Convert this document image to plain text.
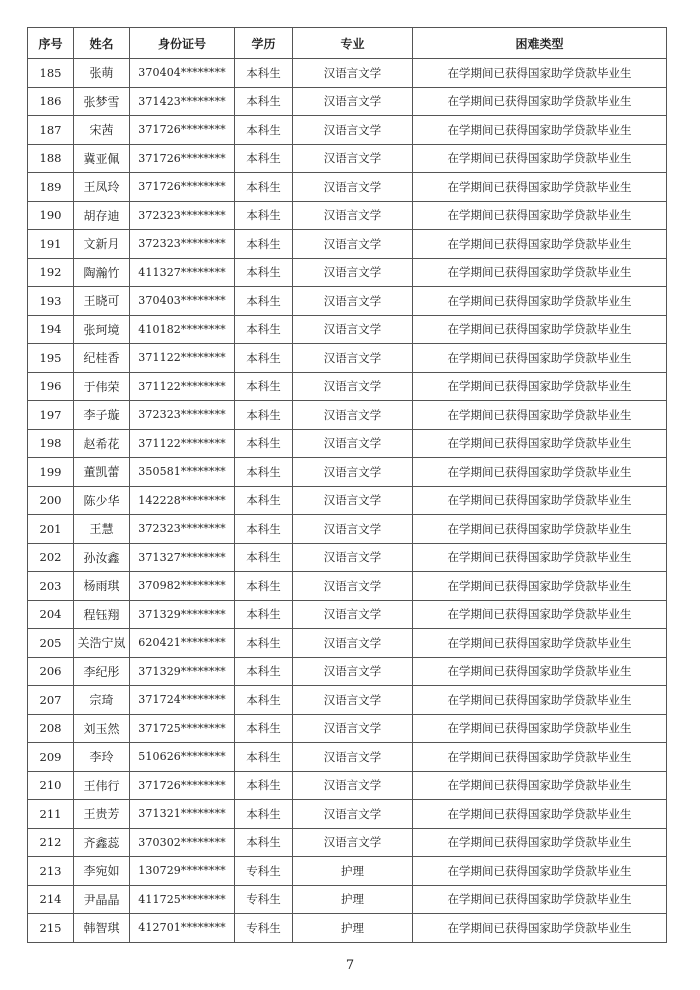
序号	姓名	身份证号	学历	专业	困难类型
185	张萌	370404********	本科生	汉语言文学	在学期间已获得国家助学贷款毕业生
186	张梦雪	371423********	本科生	汉语言文学	在学期间已获得国家助学贷款毕业生
187	宋茜	371726********	本科生	汉语言文学	在学期间已获得国家助学贷款毕业生
188	冀亚佩	371726********	本科生	汉语言文学	在学期间已获得国家助学贷款毕业生
189	王凤玲	371726********	本科生	汉语言文学	在学期间已获得国家助学贷款毕业生
190	胡存迪	372323********	本科生	汉语言文学	在学期间已获得国家助学贷款毕业生
191	文新月	372323********	本科生	汉语言文学	在学期间已获得国家助学贷款毕业生
192	陶瀚竹	411327********	本科生	汉语言文学	在学期间已获得国家助学贷款毕业生
193	王晓可	370403********	本科生	汉语言文学	在学期间已获得国家助学贷款毕业生
194	张珂境	410182********	本科生	汉语言文学	在学期间已获得国家助学贷款毕业生
195	纪桂香	371122********	本科生	汉语言文学	在学期间已获得国家助学贷款毕业生
196	于伟荣	371122********	本科生	汉语言文学	在学期间已获得国家助学贷款毕业生
197	李子璇	372323********	本科生	汉语言文学	在学期间已获得国家助学贷款毕业生
198	赵希花	371122********	本科生	汉语言文学	在学期间已获得国家助学贷款毕业生
199	董凯蕾	350581********	本科生	汉语言文学	在学期间已获得国家助学贷款毕业生
200	陈少华	142228********	本科生	汉语言文学	在学期间已获得国家助学贷款毕业生
201	王慧	372323********	本科生	汉语言文学	在学期间已获得国家助学贷款毕业生
202	孙汝鑫	371327********	本科生	汉语言文学	在学期间已获得国家助学贷款毕业生
203	杨雨琪	370982********	本科生	汉语言文学	在学期间已获得国家助学贷款毕业生
204	程钰翔	371329********	本科生	汉语言文学	在学期间已获得国家助学贷款毕业生
205	关浩宁岚	620421********	本科生	汉语言文学	在学期间已获得国家助学贷款毕业生
206	李纪彤	371329********	本科生	汉语言文学	在学期间已获得国家助学贷款毕业生
207	宗琦	371724********	本科生	汉语言文学	在学期间已获得国家助学贷款毕业生
208	刘玉然	371725********	本科生	汉语言文学	在学期间已获得国家助学贷款毕业生
209	李玲	510626********	本科生	汉语言文学	在学期间已获得国家助学贷款毕业生
210	王伟行	371726********	本科生	汉语言文学	在学期间已获得国家助学贷款毕业生
211	王贵芳	371321********	本科生	汉语言文学	在学期间已获得国家助学贷款毕业生
212	齐鑫蕊	370302********	本科生	汉语言文学	在学期间已获得国家助学贷款毕业生
213	李宛如	130729********	专科生	护理	在学期间已获得国家助学贷款毕业生
214	尹晶晶	411725********	专科生	护理	在学期间已获得国家助学贷款毕业生
215	韩智琪	412701********	专科生	护理	在学期间已获得国家助学贷款毕业生
7
